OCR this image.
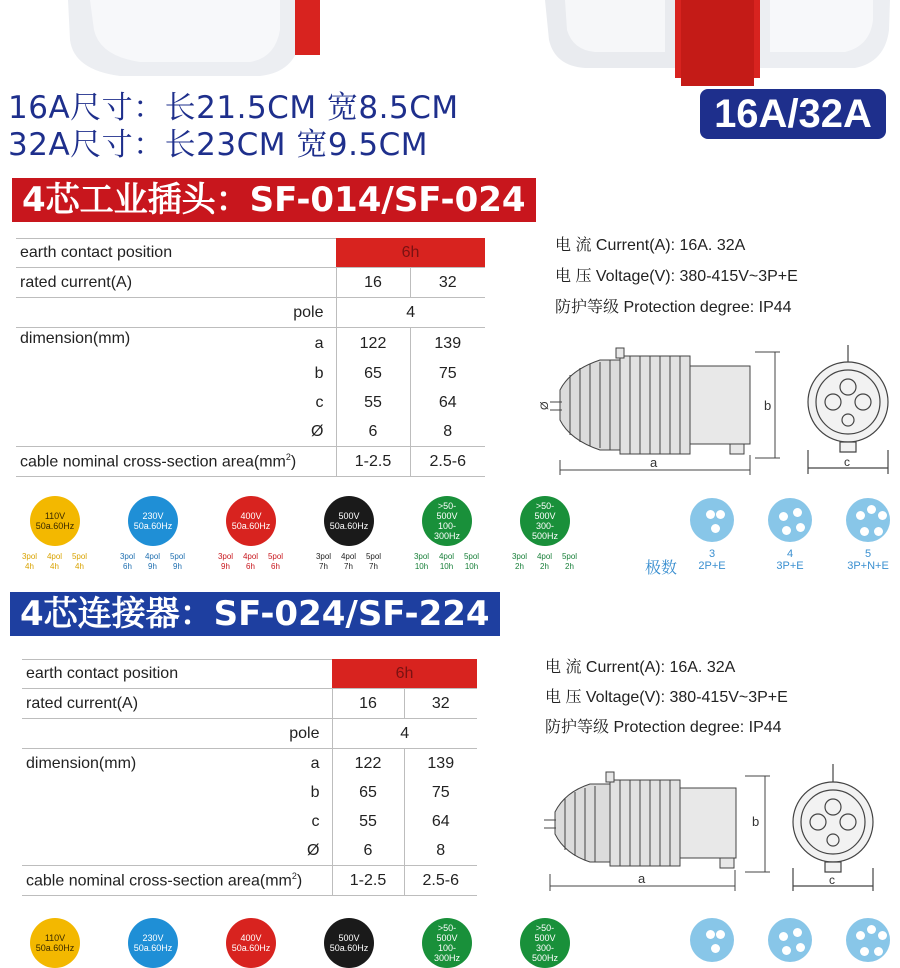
16A尺寸：长21.5CM 宽8.5CM
32A尺寸：长23CM 宽9.5CM
16A/32A
4芯工业插头：SF-014/SF-024
earth contact position		6h	
rated current(A)		16	32
	pole	4	
dimension(mm)	a	122	139
	b	65	75
	c	55	64
	Ø	6	8
cable nominal cross-section $area(mm^2)$		1-2.5	2.5-6
电 流 Current(A): 16A. 32A
电 压 Voltage(V): 380-415V~3P+E
防护等级 Protection degree: IP44
a
b
Ø
c
110V
50a.60Hz
3pol 4pol 5pol
4h 4h 4h
230V
50a.60Hz
3pol 4pol 5pol
6h 9h 9h
400V
50a.60Hz
3pol 4pol 5pol
9h 6h 6h
500V
50a.60Hz
3pol 4pol 5pol
7h 7h 7h
>50-
500V
100-
300Hz
3pol 4pol 5pol
10h 10h 10h
>50-
500V
300-
500Hz
3pol 4pol 5pol
2h 2h 2h	极数
4芯连接器：SF-024/SF-224
earth contact position		6h	
rated current(A)		16	32
	pole	4	
dimension(mm)	a	122	139
	b	65	75
	c	55	64
	Ø	6	8
cable nominal cross-section $area(mm^2)$		1-2.5	2.5-6
电 流 Current(A): 16A. 32A
电 压 Voltage(V): 380-415V~3P+E
防护等级 Protection degree: IP44
a
b
c
110V
50a.60Hz
230V
50a.60Hz
400V
50a.60Hz
500V
50a.60Hz
>50-
500V
100-
300Hz
>50-
500V
300-
500Hz
3
2P+E
4
3P+E
5
3P+N+E
